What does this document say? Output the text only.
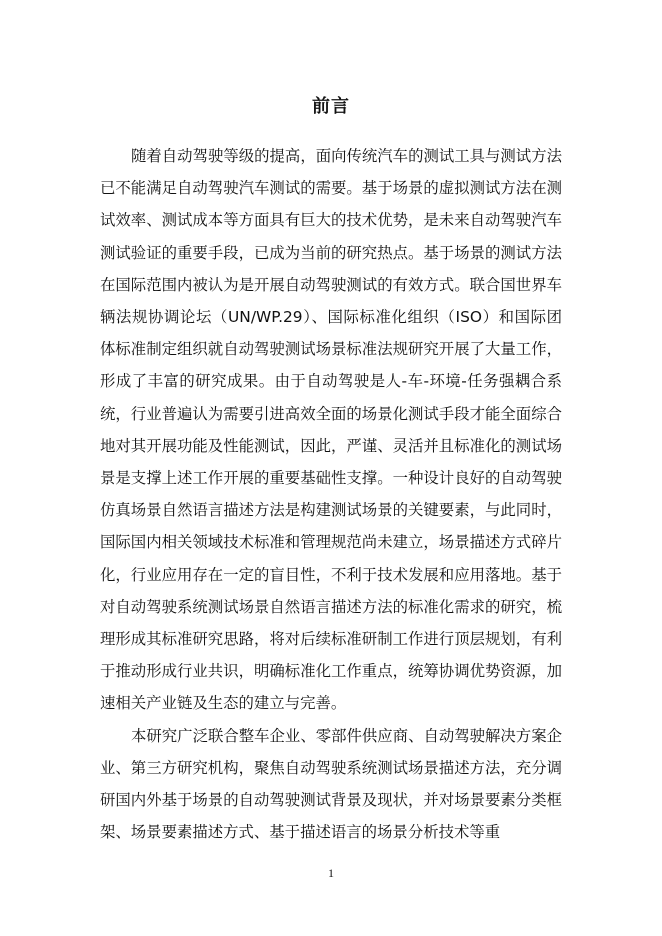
前言

随着自动驾驶等级的提高，面向传统汽车的测试工具与测试方法已不能满足自动驾驶汽车测试的需要。基于场景的虚拟测试方法在测试效率、测试成本等方面具有巨大的技术优势，是未来自动驾驶汽车测试验证的重要手段，已成为当前的研究热点。基于场景的测试方法在国际范围内被认为是开展自动驾驶测试的有效方式。联合国世界车辆法规协调论坛（UN/WP.29）、国际标准化组织（ISO）和国际团体标准制定组织就自动驾驶测试场景标准法规研究开展了大量工作，形成了丰富的研究成果。由于自动驾驶是人-车-环境-任务强耦合系统，行业普遍认为需要引进高效全面的场景化测试手段才能全面综合地对其开展功能及性能测试，因此，严谨、灵活并且标准化的测试场景是支撑上述工作开展的重要基础性支撑。一种设计良好的自动驾驶仿真场景自然语言描述方法是构建测试场景的关键要素，与此同时，国际国内相关领域技术标准和管理规范尚未建立，场景描述方式碎片化，行业应用存在一定的盲目性，不利于技术发展和应用落地。基于对自动驾驶系统测试场景自然语言描述方法的标准化需求的研究，梳理形成其标准研究思路，将对后续标准研制工作进行顶层规划，有利于推动形成行业共识，明确标准化工作重点，统筹协调优势资源，加速相关产业链及生态的建立与完善。

本研究广泛联合整车企业、零部件供应商、自动驾驶解决方案企业、第三方研究机构，聚焦自动驾驶系统测试场景描述方法，充分调研国内外基于场景的自动驾驶测试背景及现状，并对场景要素分类框架、场景要素描述方式、基于描述语言的场景分析技术等重

1
